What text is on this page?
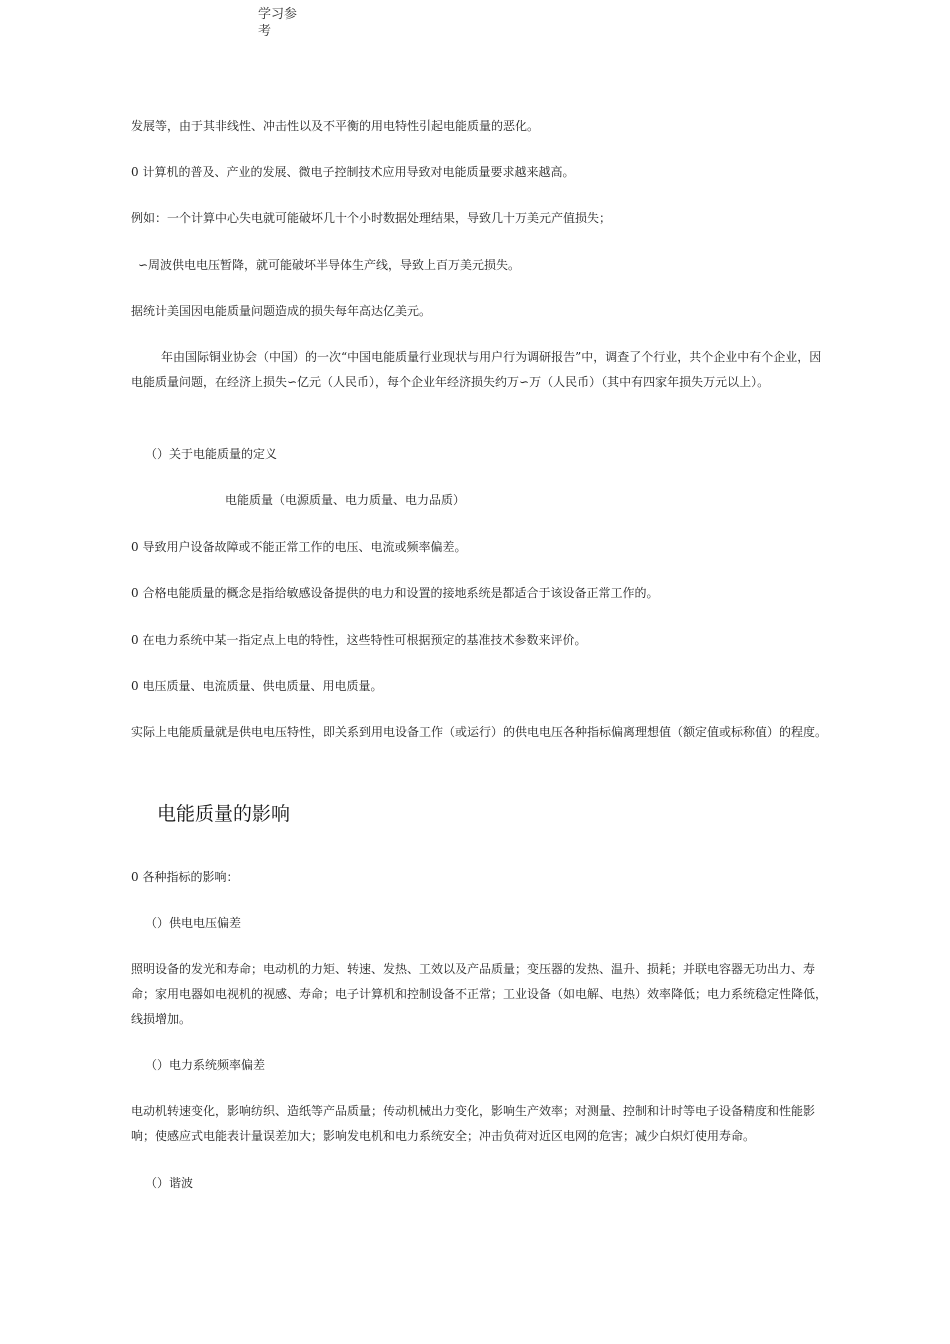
学习参考
发展等，由于其非线性、冲击性以及不平衡的用电特性引起电能质量的恶化。
0 计算机的普及、产业的发展、微电子控制技术应用导致对电能质量要求越来越高。
例如：一个计算中心失电就可能破坏几十个小时数据处理结果，导致几十万美元产值损失；
∽周波供电电压暂降，就可能破坏半导体生产线，导致上百万美元损失。
据统计美国因电能质量问题造成的损失每年高达亿美元。
年由国际铜业协会（中国）的一次“中国电能质量行业现状与用户行为调研报告”中，调查了个行业，共个企业中有个企业，因电能质量问题，在经济上损失∽亿元（人民币），每个企业年经济损失约万∽万（人民币）（其中有四家年损失万元以上）。
（）关于电能质量的定义
电能质量（电源质量、电力质量、电力品质）
0 导致用户设备故障或不能正常工作的电压、电流或频率偏差。
0 合格电能质量的概念是指给敏感设备提供的电力和设置的接地系统是都适合于该设备正常工作的。
0 在电力系统中某一指定点上电的特性，这些特性可根据预定的基准技术参数来评价。
0 电压质量、电流质量、供电质量、用电质量。
实际上电能质量就是供电电压特性，即关系到用电设备工作（或运行）的供电电压各种指标偏离理想值（额定值或标称值）的程度。
电能质量的影响
0 各种指标的影响：
（）供电电压偏差
照明设备的发光和寿命；电动机的力矩、转速、发热、工效以及产品质量；变压器的发热、温升、损耗；并联电容器无功出力、寿命；家用电器如电视机的视感、寿命；电子计算机和控制设备不正常；工业设备（如电解、电热）效率降低；电力系统稳定性降低，线损增加。
（）电力系统频率偏差
电动机转速变化，影响纺织、造纸等产品质量；传动机械出力变化，影响生产效率；对测量、控制和计时等电子设备精度和性能影响；使感应式电能表计量误差加大；影响发电机和电力系统安全；冲击负荷对近区电网的危害；减少白炽灯使用寿命。
（）谐波
